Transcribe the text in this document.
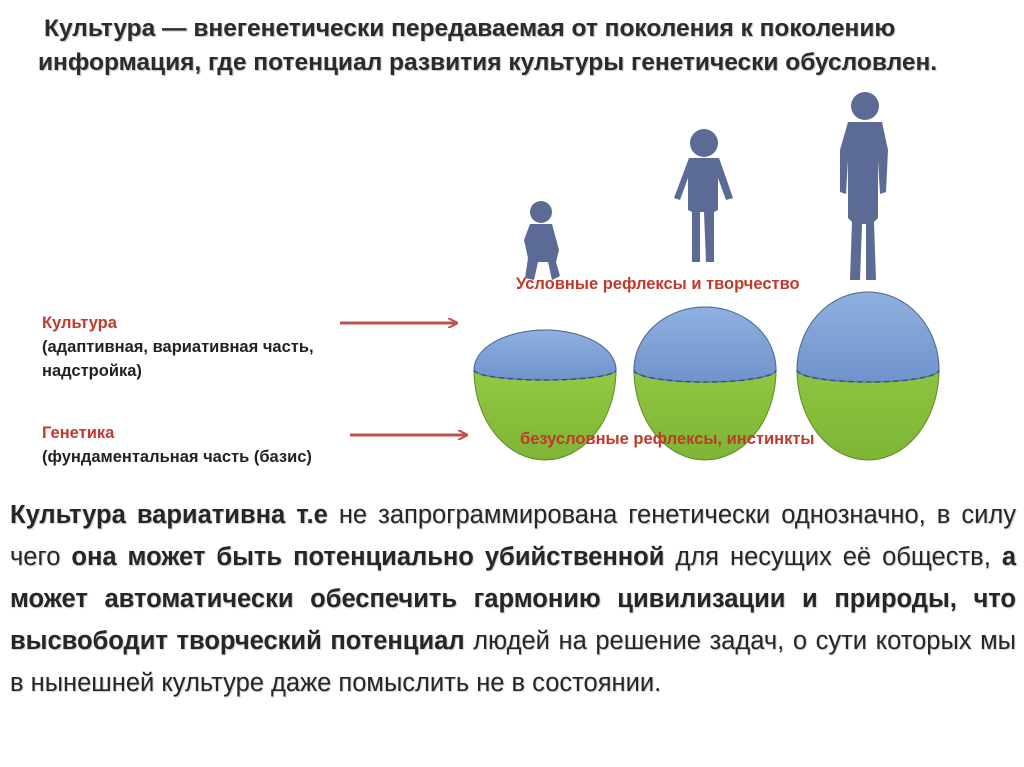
Культура — внегенетически передаваемая от поколения к поколению информация, где потенциал развития культуры генетически обусловлен.
Условные рефлексы и творчество
безусловные рефлексы, инстинкты
Культура
(адаптивная, вариативная часть,
надстройка)
Генетика
(фундаментальная часть (базис)
Культура вариативна т.е не запрограммирована генетически однозначно, в силу чего она может быть потенциально убийственной для несущих её обществ, а может автоматически обеспечить гармонию цивилизации и природы, что высвободит творческий потенциал людей на решение задач, о сути которых мы в нынешней культуре даже помыслить не в состоянии.
